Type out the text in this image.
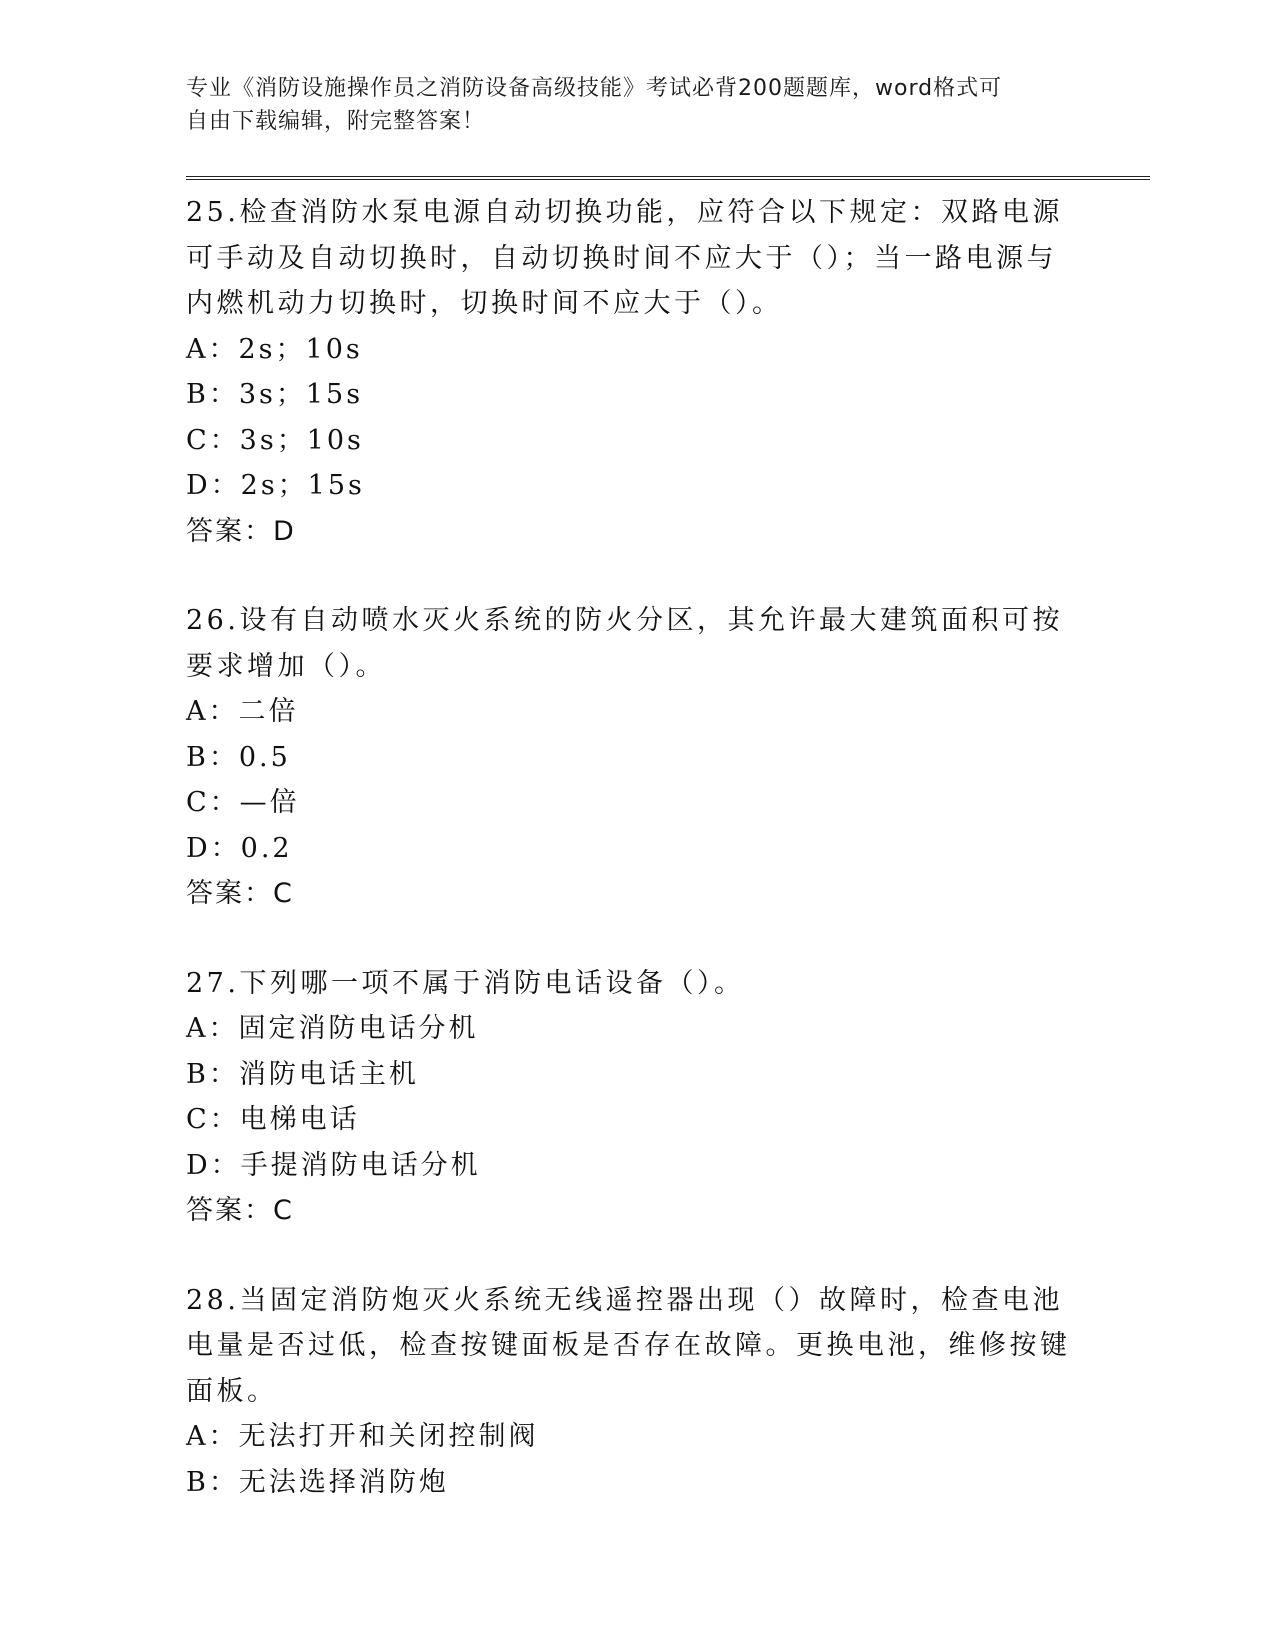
专业《消防设施操作员之消防设备高级技能》考试必背200题题库，word格式可
自由下载编辑，附完整答案！

25.检查消防水泵电源自动切换功能，应符合以下规定：双路电源可手动及自动切换时，自动切换时间不应大于（）；当一路电源与内燃机动力切换时，切换时间不应大于（）。

A：2s；10s

B：3s；15s

C：3s；10s

D：2s；15s

答案：D

26.设有自动喷水灭火系统的防火分区，其允许最大建筑面积可按要求增加（）。

A：二倍

B：0.5

C：—倍

D：0.2

答案：C

27.下列哪一项不属于消防电话设备（）。

A：固定消防电话分机

B：消防电话主机

C：电梯电话

D：手提消防电话分机

答案：C

28.当固定消防炮灭火系统无线遥控器出现（）故障时，检查电池电量是否过低，检查按键面板是否存在故障。更换电池，维修按键面板。

A：无法打开和关闭控制阀

B：无法选择消防炮
